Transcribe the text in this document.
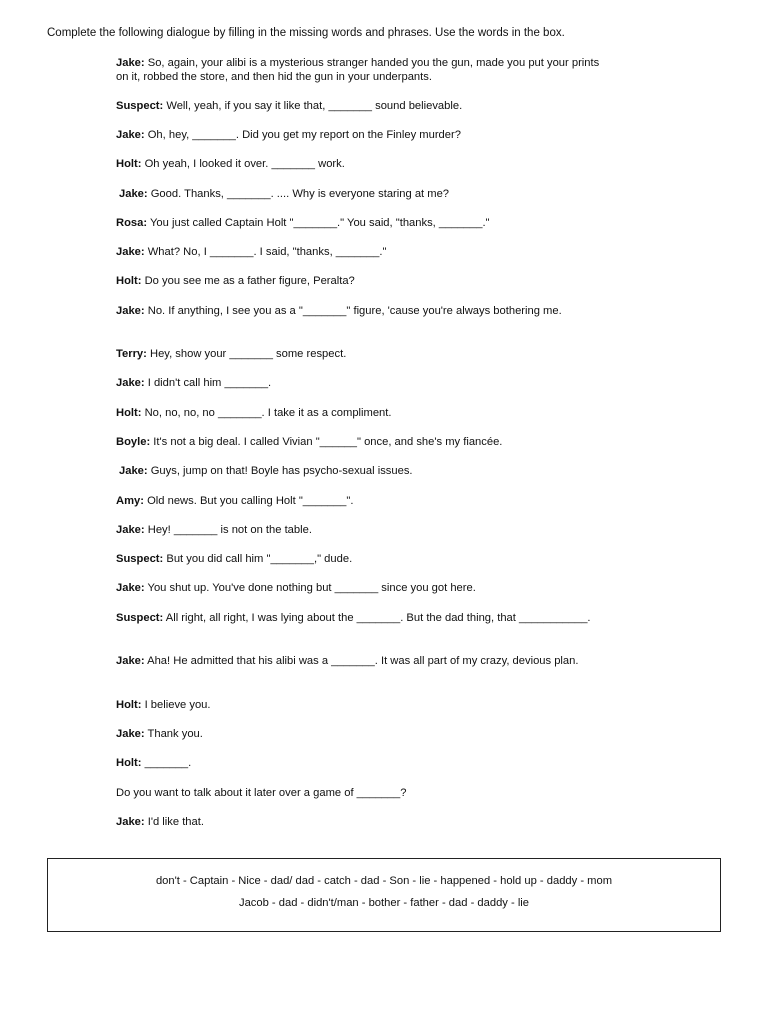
Complete the following dialogue by filling in the missing words and phrases. Use the words in the box.

Jake: So, again, your alibi is a mysterious stranger handed you the gun, made you put your prints on it, robbed the store, and then hid the gun in your underpants.

Suspect: Well, yeah, if you say it like that, _______ sound believable.

Jake: Oh, hey, _______. Did you get my report on the Finley murder?

Holt: Oh yeah, I looked it over. _______ work.

Jake: Good. Thanks, _______. .... Why is everyone staring at me?

Rosa: You just called Captain Holt "_______." You said, "thanks, _______."

Jake: What? No, I _______. I said, "thanks, _______."

Holt: Do you see me as a father figure, Peralta?

Jake: No. If anything, I see you as a "_______" figure, 'cause you're always bothering me.

Terry: Hey, show your _______ some respect.

Jake: I didn't call him _______.

Holt: No, no, no, no _______. I take it as a compliment.

Boyle: It's not a big deal. I called Vivian "______" once, and she's my fiancée.

Jake: Guys, jump on that! Boyle has psycho-sexual issues.

Amy: Old news. But you calling Holt "_______".

Jake: Hey! _______ is not on the table.

Suspect: But you did call him "_______," dude.

Jake: You shut up. You've done nothing but _______ since you got here.

Suspect: All right, all right, I was lying about the _______. But the dad thing, that ___________.

Jake: Aha! He admitted that his alibi was a _______. It was all part of my crazy, devious plan.

Holt: I believe you.

Jake: Thank you.

Holt: _______.

Do you want to talk about it later over a game of _______?

Jake: I'd like that.

don't - Captain - Nice - dad/ dad - catch - dad - Son - lie - happened - hold up - daddy - mom
Jacob - dad - didn't/man - bother - father - dad - daddy - lie
